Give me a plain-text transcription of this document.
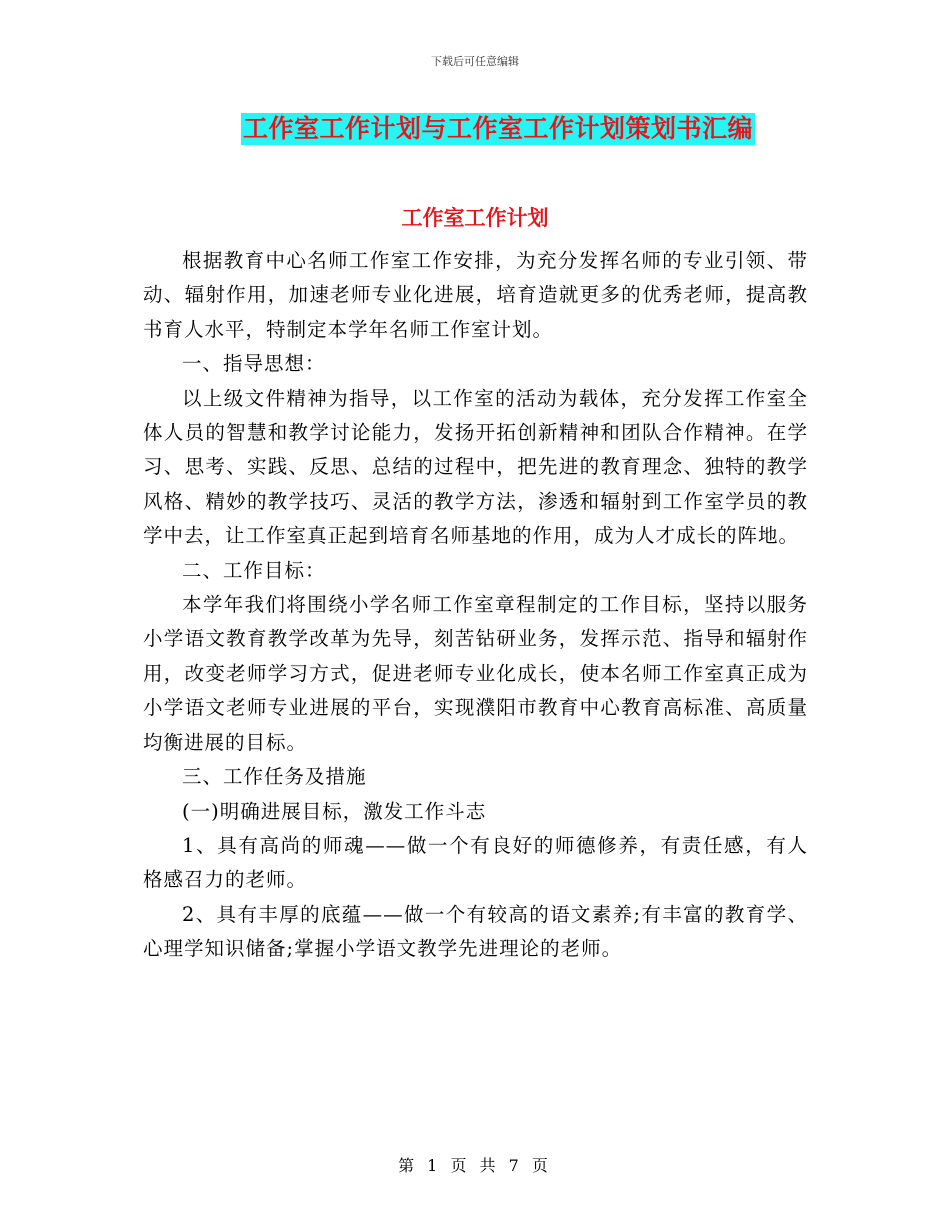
下载后可任意编辑
工作室工作计划与工作室工作计划策划书汇编
工作室工作计划

根据教育中心名师工作室工作安排，为充分发挥名师的专业引领、带动、辐射作用，加速老师专业化进展，培育造就更多的优秀老师，提高教书育人水平，特制定本学年名师工作室计划。

一、指导思想：

以上级文件精神为指导，以工作室的活动为载体，充分发挥工作室全体人员的智慧和教学讨论能力，发扬开拓创新精神和团队合作精神。在学习、思考、实践、反思、总结的过程中，把先进的教育理念、独特的教学风格、精妙的教学技巧、灵活的教学方法，渗透和辐射到工作室学员的教学中去，让工作室真正起到培育名师基地的作用，成为人才成长的阵地。

二、工作目标：

本学年我们将围绕小学名师工作室章程制定的工作目标，坚持以服务小学语文教育教学改革为先导，刻苦钻研业务，发挥示范、指导和辐射作用，改变老师学习方式，促进老师专业化成长，使本名师工作室真正成为小学语文老师专业进展的平台，实现濮阳市教育中心教育高标准、高质量均衡进展的目标。

三、工作任务及措施

(一)明确进展目标，激发工作斗志

1、具有高尚的师魂——做一个有良好的师德修养，有责任感，有人格感召力的老师。

2、具有丰厚的底蕴——做一个有较高的语文素养;有丰富的教育学、心理学知识储备;掌握小学语文教学先进理论的老师。

第 1 页 共 7 页
